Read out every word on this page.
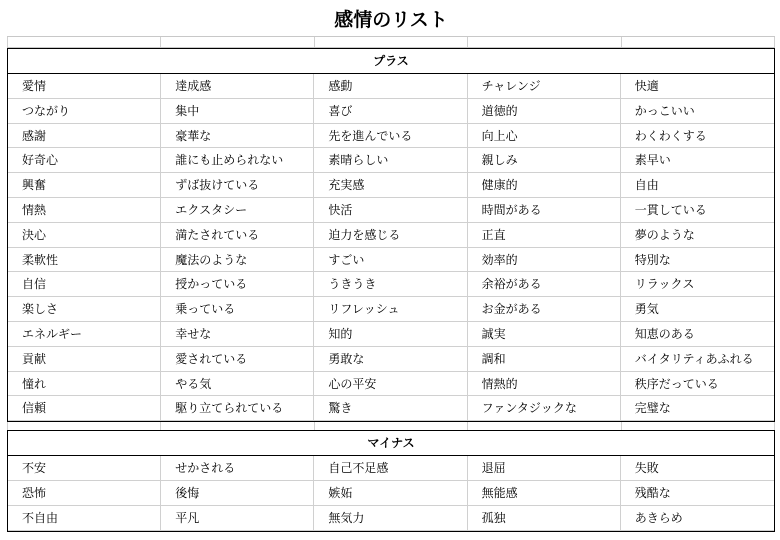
感情のリスト
プラス
愛情	達成感	感動	チャレンジ	快適
つながり	集中	喜び	道徳的	かっこいい
感謝	豪華な	先を進んでいる	向上心	わくわくする
好奇心	誰にも止められない	素晴らしい	親しみ	素早い
興奮	ずば抜けている	充実感	健康的	自由
情熱	エクスタシー	快活	時間がある	一貫している
決心	満たされている	迫力を感じる	正直	夢のような
柔軟性	魔法のような	すごい	効率的	特別な
自信	授かっている	うきうき	余裕がある	リラックス
楽しさ	乗っている	リフレッシュ	お金がある	勇気
エネルギー	幸せな	知的	誠実	知恵のある
貢献	愛されている	勇敢な	調和	バイタリティあふれる
憧れ	やる気	心の平安	情熱的	秩序だっている
信頼	駆り立てられている	驚き	ファンタジックな	完璧な
マイナス
不安	せかされる	自己不足感	退屈	失敗
恐怖	後悔	嫉妬	無能感	残酷な
不自由	平凡	無気力	孤独	あきらめ
